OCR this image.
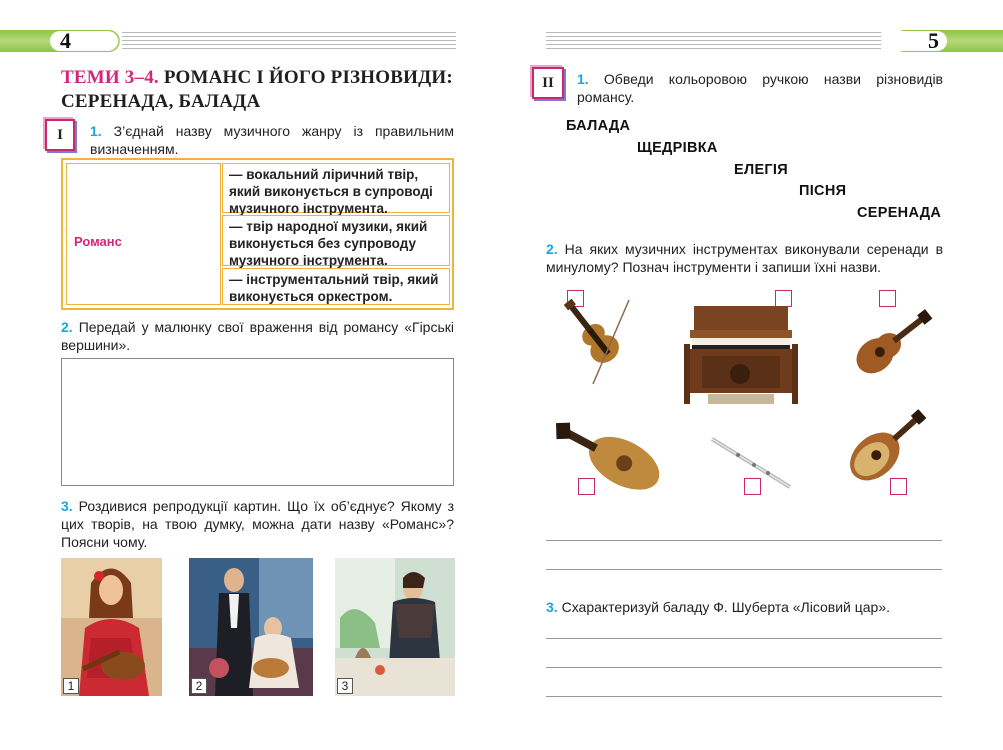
4
ТЕМИ 3–4. РОМАНС І ЙОГО РІЗНОВИДИ: СЕРЕНАДА, БАЛАДА
I	1. З’єднай назву музичного жанру із правильним визначенням.
Романс
— вокальний ліричний твір, який виконується в супроводі музичного інструмента.
— твір народної музики, який виконується без супроводу музичного інструмента.
— інструментальний твір, який виконується оркестром.
2. Передай у малюнку свої враження від романсу «Гірські вершини».
3. Роздивися репродукції картин. Що їх об’єднує? Якому з цих творів, на твою думку, можна дати назву «Романс»? Поясни чому.
1	2	3
5
II	1. Обведи кольоровою ручкою назви різновидів романсу.
БАЛАДА
ЩЕДРІВКА
ЕЛЕГІЯ
ПІСНЯ
СЕРЕНАДА
2. На яких музичних інструментах виконували серенади в минулому? Познач інструменти і запиши їхні назви.
3. Схарактеризуй баладу Ф. Шуберта «Лісовий цар».
